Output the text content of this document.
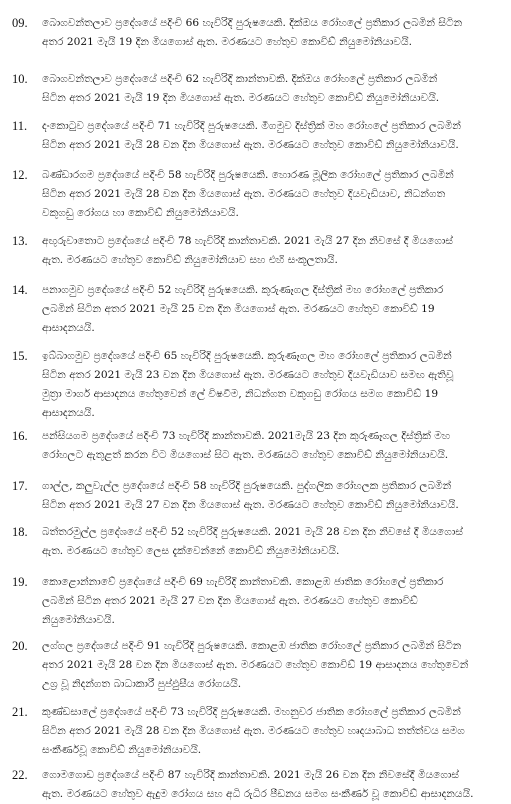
09. බොගවන්තලාව ප්‍රදේශයේ පදිංචි 66 හැවිරිදි පුරුෂයෙකි. දික්ඔය රෝහලේ ප්‍රතිකාර ලබමින් සිටින
අතර 2021 මැයි 19 දින මියගොස් ඇත. මරණයට හේතුව කොවිඩ් නියුමෝනියාවයි.
10. බොගවන්තලාව ප්‍රදේශයේ පදිංචි 62 හැවිරිදි කාන්තාවකි. දික්ඔය රෝහලේ ප්‍රතිකාර ලබමින්
සිටින අතර 2021 මැයි 19 දින මියගොස් ඇත. මරණයට හේතුව කොවිඩ් නියුමෝනියාවයි.
11. දංකොටුව ප්‍රදේශයේ පදිංචි 71 හැවිරිදි පුරුෂයෙකි. මීගමුව දිස්ත්‍රික් මහ රෝහලේ ප්‍රතිකාර ලබමින්
සිටින අතර 2021 මැයි 28 වන දින මියගොස් ඇත. මරණයට හේතුව කොවිඩ් නියුමෝනියාවයි.
12. බණ්ඩාරගම ප්‍රදේශයේ පදිංචි 58 හැවිරිදි පුරුෂයෙකි. හොරණ මූලික රෝහලේ ප්‍රතිකාර ලබමින්
සිටින අතර 2021 මැයි 28 වන දින මියගොස් ඇත. මරණයට හේතුව දියවැඩියාව, නිධන්ගත
වකුගඩු රෝගය හා කොවිඩ් නියුමෝනියාවයි.
13. අඟුරුවාතොට ප්‍රදේශයේ පදිංචි 78 හැවිරිදි කාන්තාවකි. 2021 මැයි 27 දින නිවසේ දී මියගොස්
ඇත. මරණයට හේතුව කොවිඩ් නියුමෝනියාව සහ එහි සංකූලතායි.
14. පනාගමුව ප්‍රදේශයේ පදිංචි 52 හැවිරිදි පුරුෂයෙකි. කුරුණෑගල දිස්ත්‍රික් මහ රෝහලේ ප්‍රතිකාර
ලබමින් සිටින අතර 2021 මැයි 25 වන දින මියගොස් ඇත. මරණයට හේතුව කොවිඩ් 19
ආසාදනයයි.
15. ඉබ්බාගමුව ප්‍රදේශයේ පදිංචි 65 හැවිරිදි පුරුෂයෙකි. කුරුණෑගල මහ රෝහලේ ප්‍රතිකාර ලබමින්
සිටින අතර 2021 මැයි 23 වන දින මියගොස් ඇත. මරණයට හේතුව දියවැඩියාව සමඟ ඇතිවූ
මුත්‍රා මාර්ග ආසාදනය හේතුවෙන් ලේ විෂවීම, නිධන්ගත වකුගඩු රෝගය සමග කොවිඩ් 19
ආසාදනයයි.
16. පන්සියගම ප්‍රදේශයේ පදිංචි 73 හැවිරිදි කාන්තාවකි. 2021මැයි 23 දින කුරුණෑගල දිස්ත්‍රික් මහ
රෝහලට ඇතුළත් කරන විට මියගොස් සිට ඇත. මරණයට හේතුව කොවිඩ් නියුමෝනියාවයි.
17. ගාල්ල, කලුවැල්ල ප්‍රදේශයේ පදිංචි 58 හැවිරිදි පුරුෂයෙකි. පුද්ගලික රෝහලක ප්‍රතිකාර ලබමින්
සිටින අතර 2021 මැයි 27 වන දින මියගොස් ඇත. මරණයට හේතුව කොවිඩ් නියුමෝනියාවයි.
18. බත්තරමුල්ල ප්‍රදේශයේ පදිංචි 52 හැවිරිදි පුරුෂයෙකි. 2021 මැයි 28 වන දින නිවසේ දී මියගොස්
ඇත. මරණයට හේතුව ලෙස දැක්වෙන්නේ කොවිඩ් නියුමෝනියාවයි.
19. කොළොන්නාවේ ප්‍රදේශයේ පදිංචි 69 හැවිරිදි කාන්තාවකි. කොළඹ ජාතික රෝහලේ ප්‍රතිකාර
ලබමින් සිටින අතර 2021 මැයි 27 වන දින මියගොස් ඇත. මරණයට හේතුව කොවිඩ්
නියුමෝනියාවයි.
20. ලග්ගල ප්‍රදේශයේ පදිංචි 91 හැවිරිදි පුරුෂයෙකි. කොළඹ ජාතික රෝහලේ ප්‍රතිකාර ලබමින් සිටින
අතර 2021 මැයි 28 වන දින මියගොස් ඇත. මරණයට හේතුව කොවිඩ් 19 ආසාදනය හේතුවෙන්
උග්‍ර වූ නිදන්ගත බාධාකාරී පුප්ඵුසීය රෝගයයි.
21. කුණ්ඩසාලේ ප්‍රදේශයේ පදිංචි 73 හැවිරිදි පුරුෂයෙකි. මහනුවර ජාතික රෝහලේ ප්‍රතිකාර ලබමින්
සිටින අතර 2021 මැයි 28 වන දින මියගොස් ඇත. මරණයට හේතුව හෘදයාබාධ තත්ත්වය සමග
සංකීර්ණවූ කොවිඩ් නියුමෝනියාවයි.
22. ගොමගොඩ ප්‍රදේශයේ පදිංචි 87 හැවිරිදි කාන්තාවකි. 2021 මැයි 26 වන දින නිවසේදී මියගොස්
ඇත. මරණයට හේතුව ඇදුම රෝගය සහ අධි රුධිර පීඩනය සමග සංකීර්ණ වූ කොවිඩ් ආසාදනයයි.
